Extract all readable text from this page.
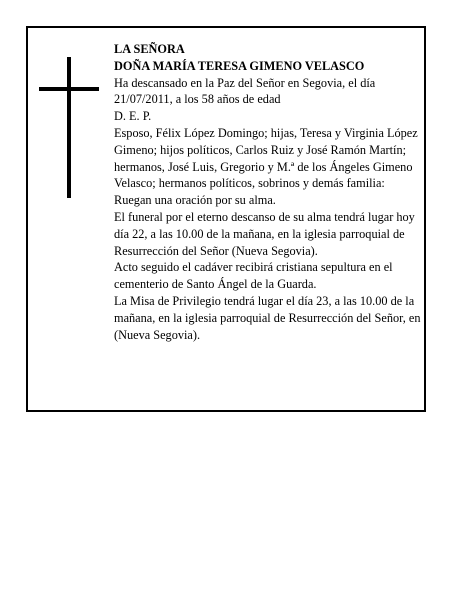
LA SEÑORA

DOÑA MARÍA TERESA GIMENO VELASCO

Ha descansado en la Paz del Señor en Segovia, el día 21/07/2011, a los 58 años de edad

D. E. P.

Esposo, Félix López Domingo; hijas, Teresa y Virginia López Gimeno; hijos políticos, Carlos Ruiz y José Ramón Martín; hermanos, José Luis, Gregorio y M.ª de los Ángeles Gimeno Velasco; hermanos políticos, sobrinos y demás familia:

Ruegan una oración por su alma.

El funeral por el eterno descanso de su alma tendrá lugar hoy día 22, a las 10.00 de la mañana, en la iglesia parroquial de Resurrección del Señor (Nueva Segovia).

Acto seguido el cadáver recibirá cristiana sepultura en el cementerio de Santo Ángel de la Guarda.

La Misa de Privilegio tendrá lugar el día 23, a las 10.00 de la mañana, en la iglesia parroquial de Resurrección del Señor, en (Nueva Segovia).
